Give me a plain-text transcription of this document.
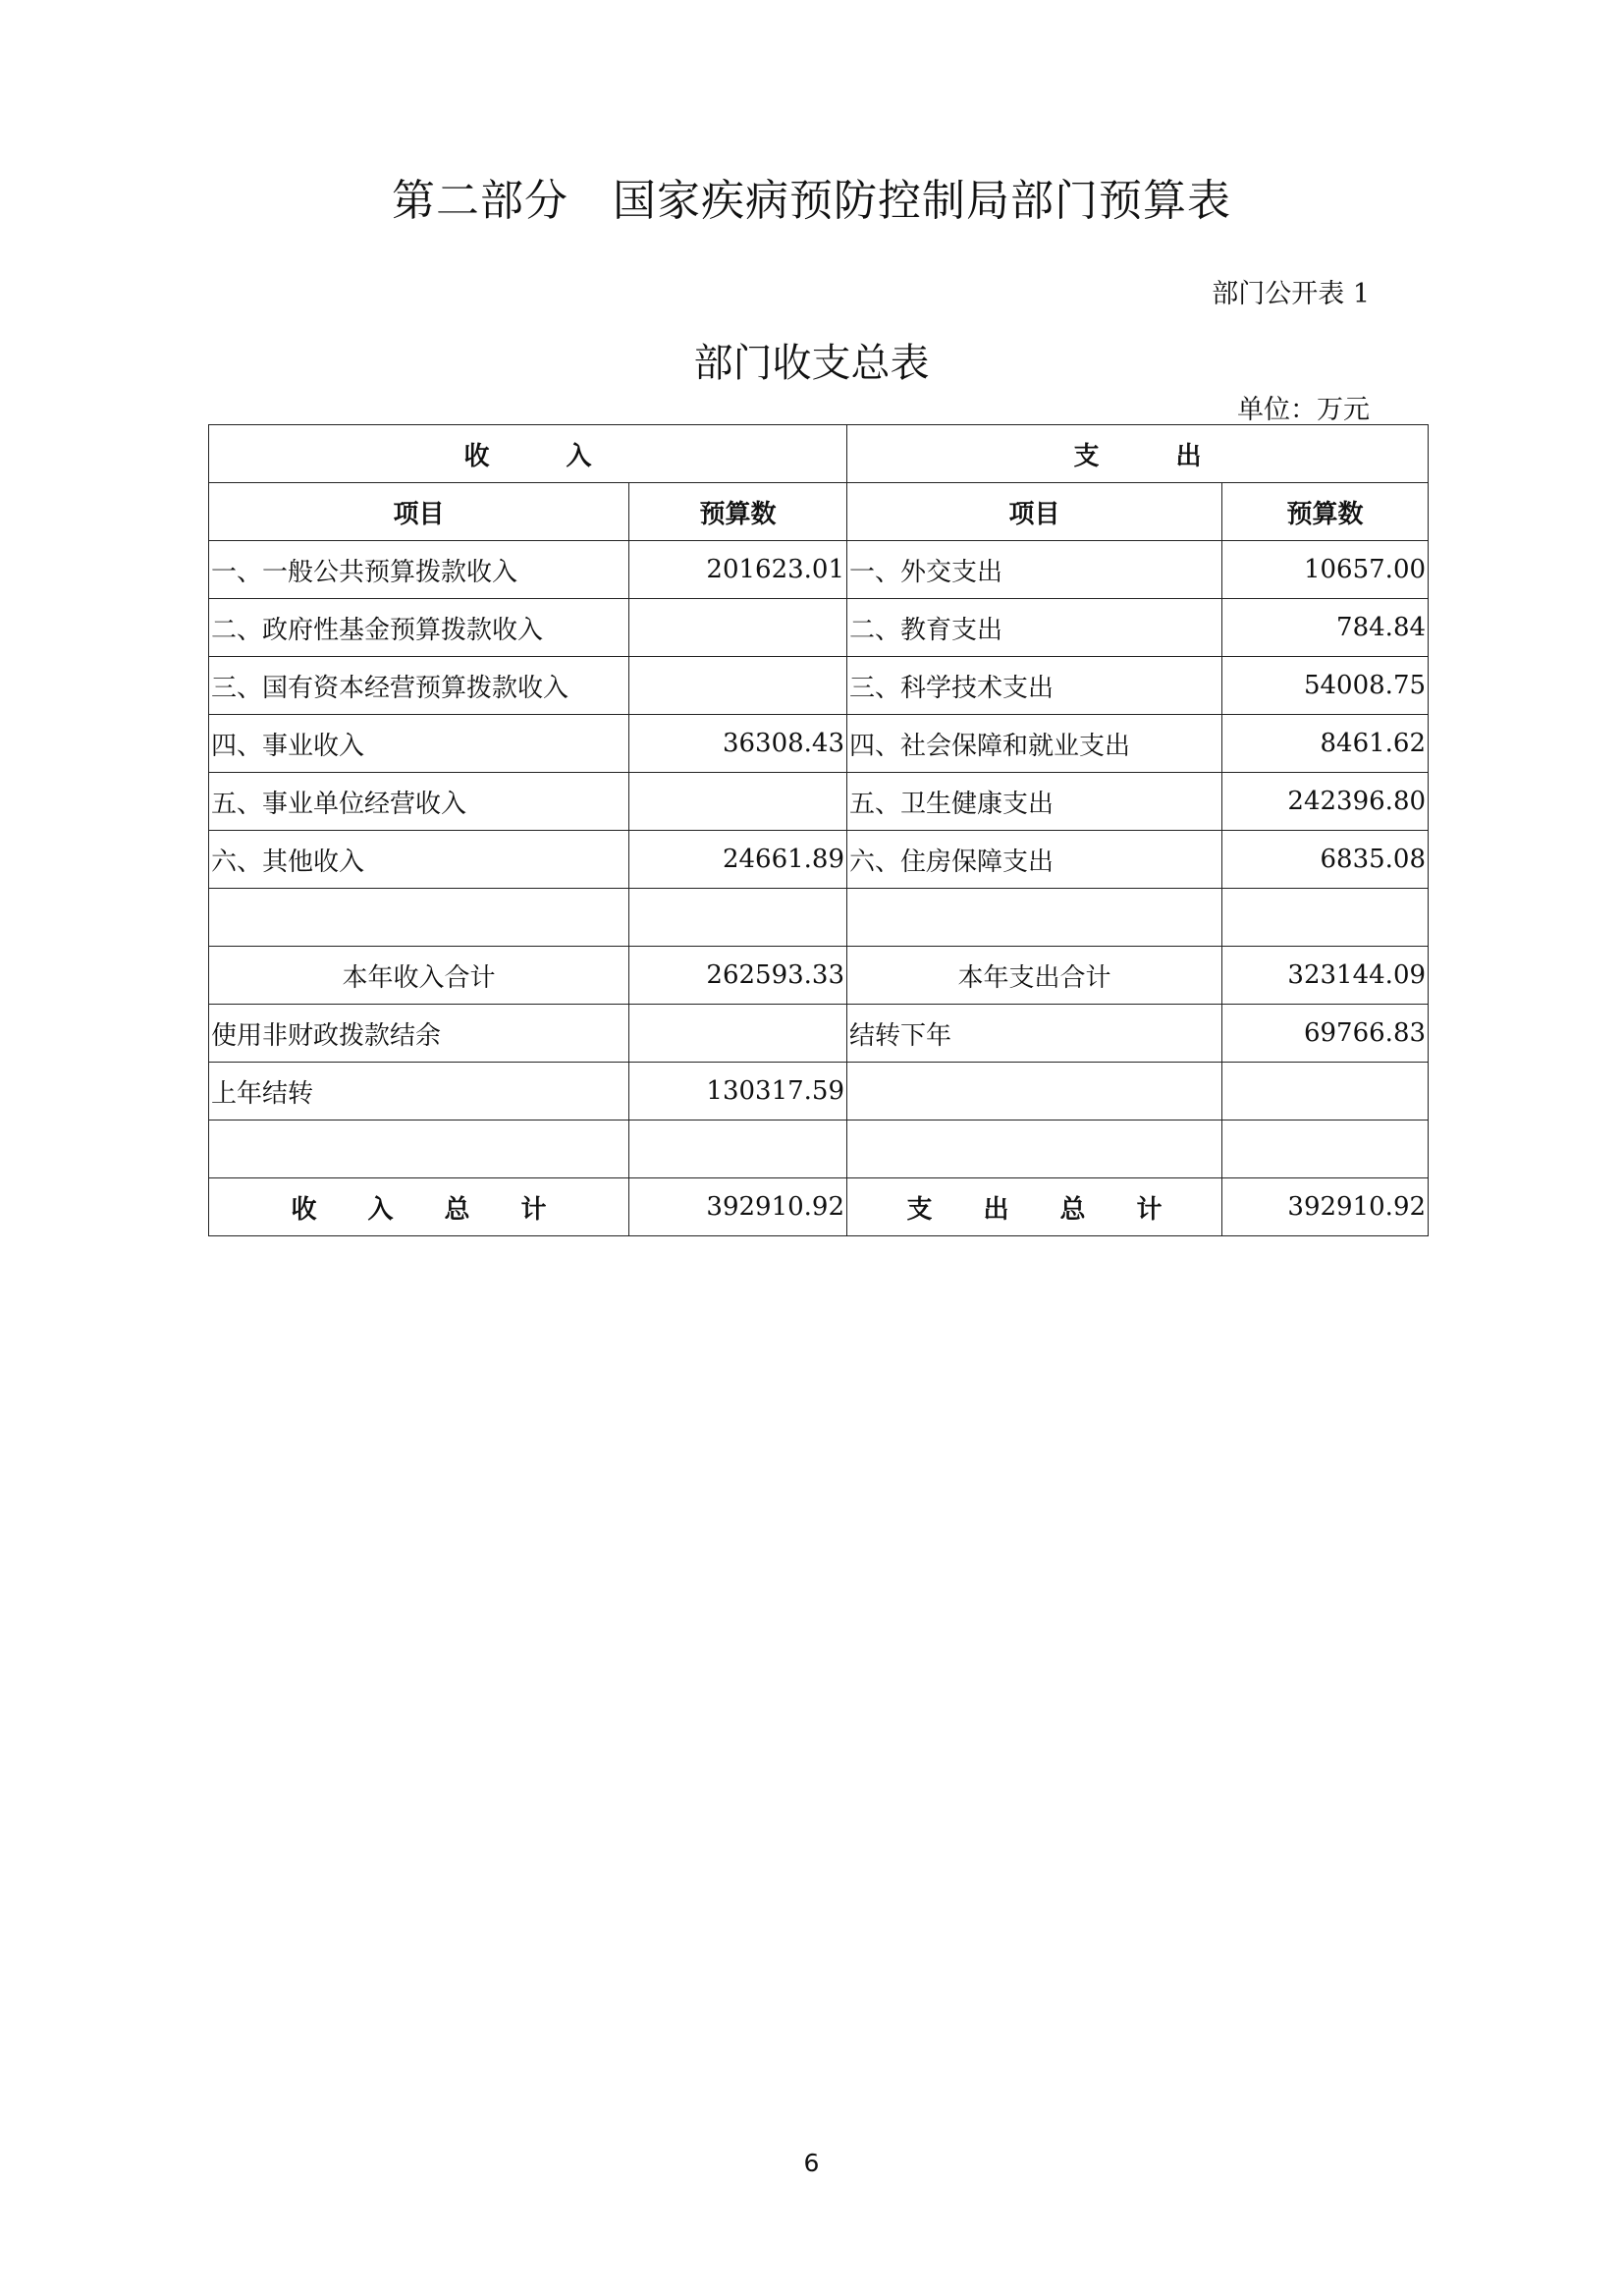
第二部分　国家疾病预防控制局部门预算表
部门公开表 1
部门收支总表
单位：万元
收　　　入		支　　　出	
项目	预算数	项目	预算数
一、一般公共预算拨款收入	201623.01	一、外交支出	10657.00
二、政府性基金预算拨款收入		二、教育支出	784.84
三、国有资本经营预算拨款收入		三、科学技术支出	54008.75
四、事业收入	36308.43	四、社会保障和就业支出	8461.62
五、事业单位经营收入		五、卫生健康支出	242396.80
六、其他收入	24661.89	六、住房保障支出	6835.08

本年收入合计	262593.33	本年支出合计	323144.09
使用非财政拨款结余		结转下年	69766.83
上年结转	130317.59		

收　　入　　总　　计	392910.92	支　　出　　总　　计	392910.92
6
